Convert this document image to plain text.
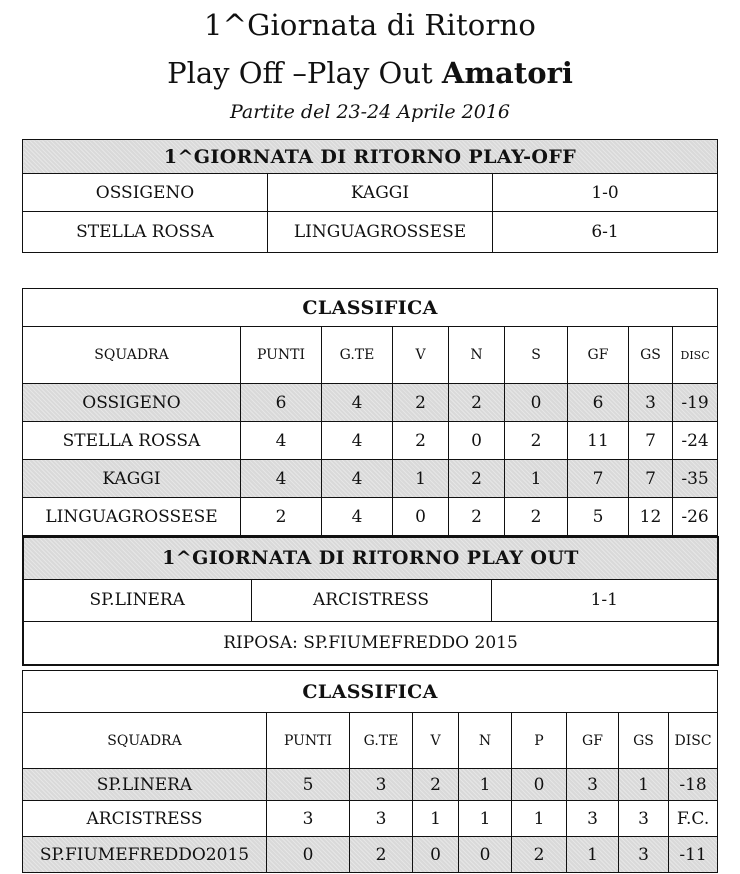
1^Giornata di Ritorno
Play Off –Play Out Amatori
Partite del 23-24 Aprile 2016
1^GIORNATA DI RITORNO PLAY-OFF		
OSSIGENO	KAGGI	1-0
STELLA ROSSA	LINGUAGROSSESE	6-1
CLASSIFICA								
SQUADRA	PUNTI	G.TE	V	N	S	GF	GS	DISC
OSSIGENO	6	4	2	2	0	6	3	-19
STELLA ROSSA	4	4	2	0	2	11	7	-24
KAGGI	4	4	1	2	1	7	7	-35
LINGUAGROSSESE	2	4	0	2	2	5	12	-26
1^GIORNATA DI RITORNO PLAY OUT
SP.LINERA	ARCISTRESS	1-1
RIPOSA: SP.FIUMEFREDDO 2015
CLASSIFICA								
SQUADRA	PUNTI	G.TE	V	N	P	GF	GS	DISC
SP.LINERA	5	3	2	1	0	3	1	-18
ARCISTRESS	3	3	1	1	1	3	3	F.C.
SP.FIUMEFREDDO2015	0	2	0	0	2	1	3	-11
